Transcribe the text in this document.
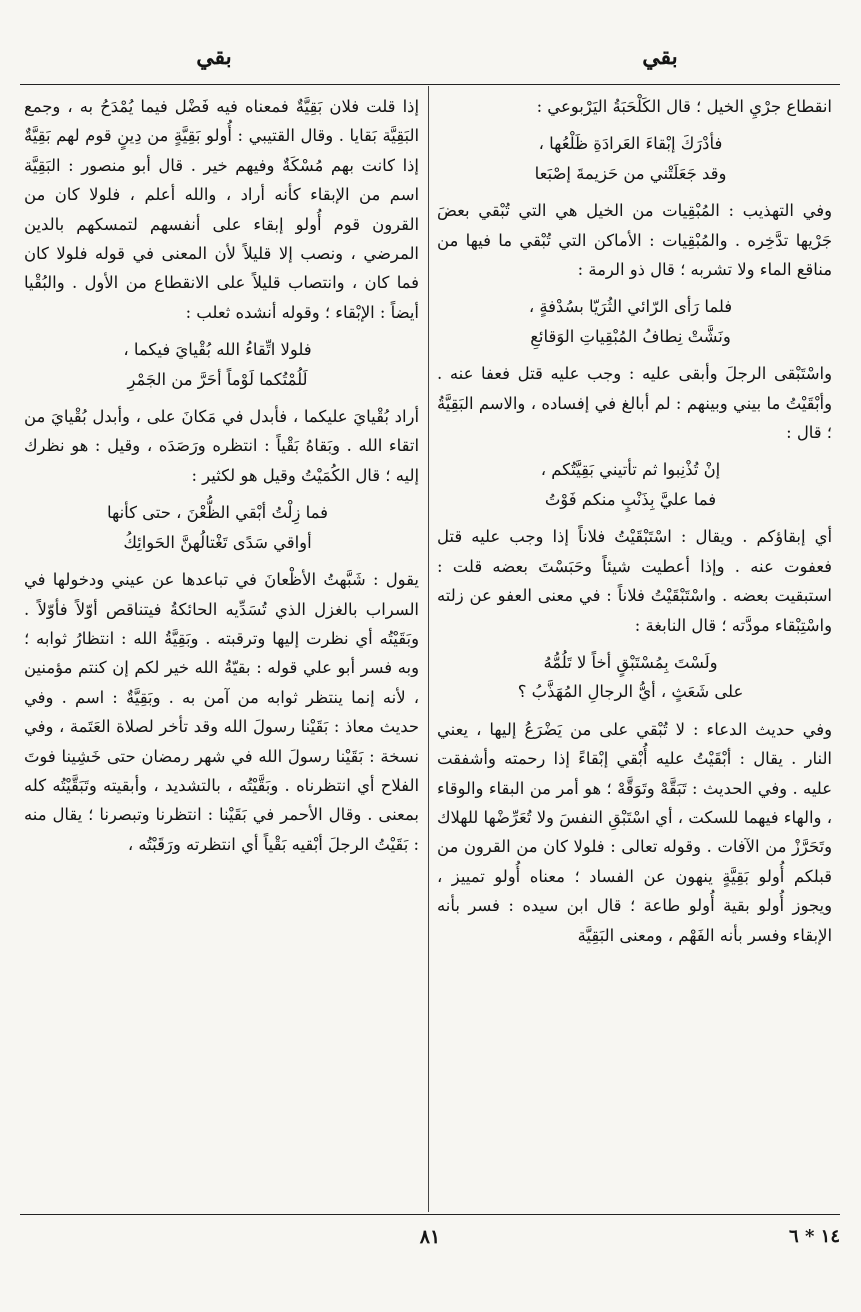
بقي
بقي

انقطاع جرْيِ الخيل ؛ قال الكَلْحَبَةُ اليَرْبوعي :

فأدْرَكَ إبْقاءَ العَرادَةِ ظَلْعُها ،
وقد جَعَلَتْني من حَزيمةَ إصْبَعا

وفي التهذيب : المُبْقِيات من الخيل هي التي تُبْقي بعضَ جَرْيها تدَّخِره . والمُبْقِيات : الأماكن التي تُبْقي ما فيها من مناقع الماء ولا تشربه ؛ قال ذو الرمة :

فلما رَأى الرّائي الثُرَيّا بسُدْفةٍ ،
ونَشَّتْ نِطافُ المُبْقِياتِ الوَقائعِ

واسْتَبْقى الرجلَ وأبقى عليه : وجب عليه قتل فعفا عنه . وأبْقَيْتُ ما بيني وبينهم : لم أبالغ في إفساده ، والاسم البَقِيَّةُ ؛ قال :

إنْ تُذْنِبوا ثم تأتيني بَقِيَّتُكم ،
فما عليَّ بِذَنْبٍ منكم فَوْتُ

أي إبقاؤكم . ويقال : اسْتَبْقَيْتُ فلاناً إذا وجب عليه قتل فعفوت عنه . وإذا أعطيت شيئاً وحَبَسْتَ بعضه قلت : استبقيت بعضه . واسْتَبْقَيْتُ فلاناً : في معنى العفو عن زلته واسْتِبْقاء مودَّته ؛ قال النابغة :

ولَسْتَ بِمُسْتَبْقٍ أخاً لا تَلُمُّهُ
على شَعَثٍ ، أيُّ الرجالِ المُهَذَّبُ ؟

وفي حديث الدعاء : لا تُبْقي على من يَضْرَعُ إليها ، يعني النار . يقال : أبْقَيْتُ عليه أُبْقي إبْقاءً إذا رحمته وأشفقت عليه . وفي الحديث : تَبَقَّهْ وتَوَقَّهْ ؛ هو أمر من البقاء والوقاء ، والهاء فيهما للسكت ، أي اسْتَبْقِ النفسَ ولا تُعَرِّضْها للهلاك وتَحَرَّزْ من الآفات . وقوله تعالى : فلولا كان من القرون من قبلكم أُولو بَقِيَّةٍ ينهون عن الفساد ؛ معناه أُولو تمييز ، ويجوز أُولو بقية أُولو طاعة ؛ قال ابن سيده : فسر بأنه الإبقاء وفسر بأنه الفَهْم ، ومعنى البَقِيَّة

إذا قلت فلان بَقِيَّةٌ فمعناه فيه فَضْل فيما يُمْدَحُ به ، وجمع البَقِيَّة بَقايا . وقال القتيبي : أُولو بَقِيَّةٍ من دِينٍ قوم لهم بَقِيَّةٌ إذا كانت بهم مُسْكَةٌ وفيهم خير . قال أبو منصور : البَقِيَّة اسم من الإبقاء كأنه أراد ، والله أعلم ، فلولا كان من القرون قوم أُولو إبقاء على أنفسهم لتمسكهم بالدين المرضي ، ونصب إلا قليلاً لأن المعنى في قوله فلولا كان فما كان ، وانتصاب قليلاً على الانقطاع من الأول . والبُقْيا أيضاً : الإبْقاء ؛ وقوله أنشده ثعلب :

فلولا اتِّقاءُ الله بُقْيايَ فيكما ،
لَلُمْتُكما لَوْماً أحَرَّ من الجَمْرِ

أراد بُقْيايَ عليكما ، فأبدل في مَكانَ على ، وأبدل بُقْيايَ من اتقاء الله . وبَقاهُ بَقْياً : انتظره ورَصَدَه ، وقيل : هو نظرك إليه ؛ قال الكُمَيْتُ وقيل هو لكثير :

فما زِلْتُ أبْقي الظُّعْنَ ، حتى كأنها
أواقي سَدًى تَغْتالُهنَّ الحَوائِكُ

يقول : شَبَّهتُ الأظْعانَ في تباعدها عن عيني ودخولها في السراب بالغزل الذي تُسَدِّيه الحائكةُ فيتناقص أوّلاً فأوّلاً . وبَقَيْتُه أي نظرت إليها وترقبته . وبَقِيَّةُ الله : انتظارُ ثوابه ؛ وبه فسر أبو علي قوله : بقيّةُ الله خير لكم إن كنتم مؤمنين ، لأنه إنما ينتظر ثوابه من آمن به . وبَقِيَّةٌ : اسم . وفي حديث معاذ : بَقَيْنا رسولَ الله وقد تأخر لصلاة العَتَمة ، وفي نسخة : بَقَيْنا رسولَ الله في شهر رمضان حتى خَشِينا فوتَ الفلاح أي انتظرناه . وبَقَّيْتُه ، بالتشديد ، وأبقيته وتَبَقَّيْتُه كله بمعنى . وقال الأحمر في بَقَيْنا : انتظرنا وتبصرنا ؛ يقال منه : بَقَيْتُ الرجلَ أبْقيه بَقْياً أي انتظرته ورَقَبْتُه ،

٨١	١٤ * ٦
